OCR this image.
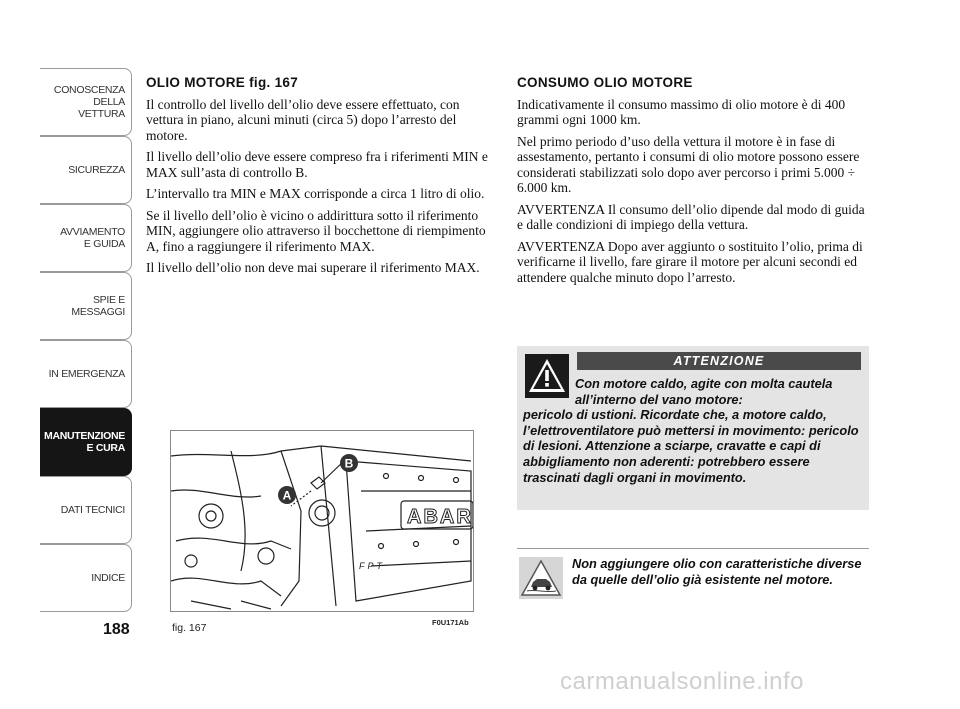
CONOSCENZA
DELLA
VETTURA
SICUREZZA
AVVIAMENTO
E GUIDA
SPIE E
MESSAGGI
IN EMERGENZA
MANUTENZIONE
E CURA
DATI TECNICI
INDICE
188
OLIO MOTORE fig. 167

Il controllo del livello dell’olio deve essere effettuato, con vettura in piano, alcuni minuti (circa 5) dopo l’arresto del motore.

Il livello dell’olio deve essere compreso fra i riferimenti MIN e MAX sull’asta di controllo B.

L’intervallo tra MIN e MAX corrisponde a circa 1 litro di olio.

Se il livello dell’olio è vicino o addirittura sotto il riferimento MIN, aggiungere olio attraverso il bocchettone di riempimento A, fino a raggiungere il riferimento MAX.

Il livello dell’olio non deve mai superare il riferimento MAX.

A
B
ABAR
FPT
fig. 167	F0U171Ab
CONSUMO OLIO MOTORE

Indicativamente il consumo massimo di olio motore è di 400 grammi ogni 1000 km.

Nel primo periodo d’uso della vettura il motore è in fase di assestamento, pertanto i consumi di olio motore possono essere considerati stabilizzati solo dopo aver percorso i primi 5.000 ÷ 6.000 km.

AVVERTENZA Il consumo dell’olio dipende dal modo di guida e dalle condizioni di impiego della vettura.

AVVERTENZA Dopo aver aggiunto o sostituito l’olio, prima di verificarne il livello, fare girare il motore per alcuni secondi ed attendere qualche minuto dopo l’arresto.

ATTENZIONE
Con motore caldo, agite con molta cautela all’interno del vano motore:
pericolo di ustioni. Ricordate che, a motore caldo, l’elettroventilatore può mettersi in movimento: pericolo di lesioni. Attenzione a sciarpe, cravatte e capi di abbigliamento non aderenti: potrebbero essere trascinati dagli organi in movimento.
Non aggiungere olio con caratteristiche diverse da quelle dell’olio già esistente nel motore.
carmanualsonline.info
